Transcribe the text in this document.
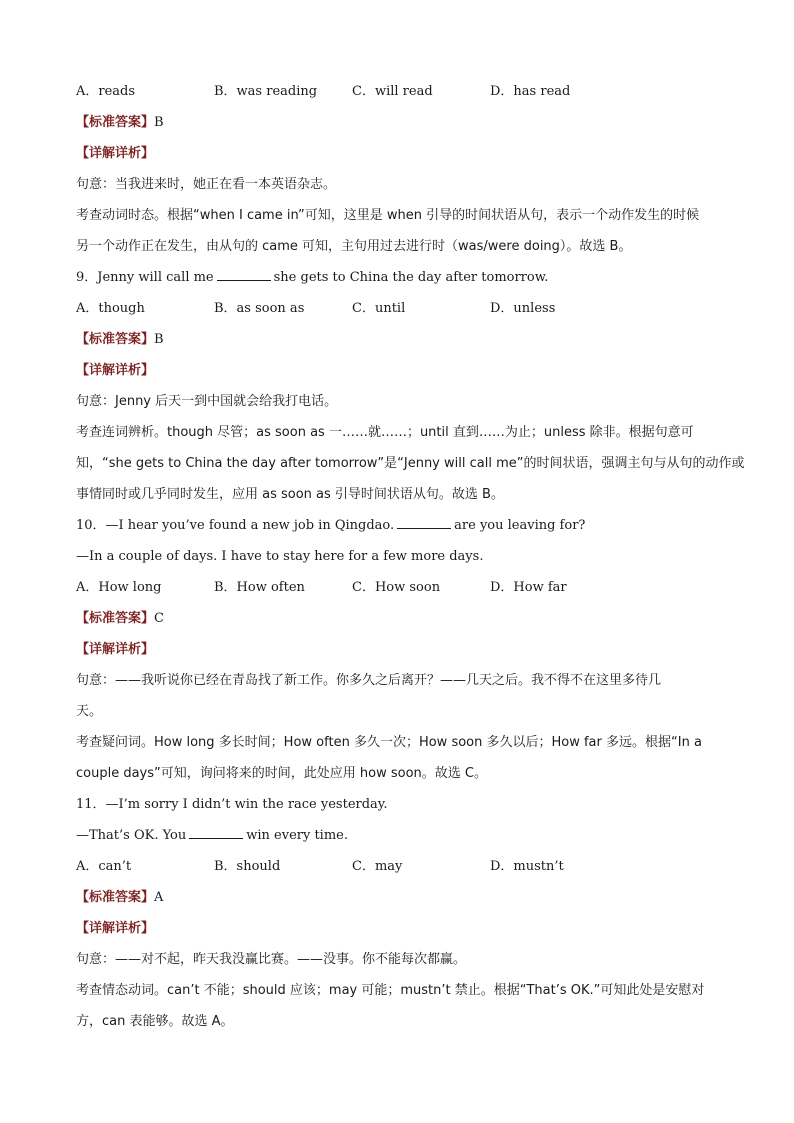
A．reads	B．was reading	C．will read	D．has read
【标准答案】B
【详解详析】
句意：当我进来时，她正在看一本英语杂志。
考查动词时态。根据“when I came in”可知，这里是 when 引导的时间状语从句，表示一个动作发生的时候
另一个动作正在发生，由从句的 came 可知，主句用过去进行时（was/were doing）。故选 B。
9．Jenny will call me	she gets to China the day after tomorrow.
A．though	B．as soon as	C．until	D．unless
【标准答案】B
【详解详析】
句意：Jenny 后天一到中国就会给我打电话。
考查连词辨析。though 尽管；as soon as 一……就……；until 直到……为止；unless 除非。根据句意可
知，“she gets to China the day after tomorrow”是“Jenny will call me”的时间状语，强调主句与从句的动作或
事情同时或几乎同时发生，应用 as soon as 引导时间状语从句。故选 B。
10．—I hear you’ve found a new job in Qingdao.	are you leaving for?
—In a couple of days. I have to stay here for a few more days.
A．How long	B．How often	C．How soon	D．How far
【标准答案】C
【详解详析】
句意：——我听说你已经在青岛找了新工作。你多久之后离开？——几天之后。我不得不在这里多待几
天。
考查疑问词。How long 多长时间；How often 多久一次；How soon 多久以后；How far 多远。根据“In a
couple days”可知，询问将来的时间，此处应用 how soon。故选 C。
11．—I’m sorry I didn’t win the race yesterday.
—That’s OK. You	win every time.
A．can’t	B．should	C．may	D．mustn’t
【标准答案】A
【详解详析】
句意：——对不起，昨天我没赢比赛。——没事。你不能每次都赢。
考查情态动词。can’t 不能；should 应该；may 可能；mustn’t 禁止。根据“That’s OK.”可知此处是安慰对
方，can 表能够。故选 A。
